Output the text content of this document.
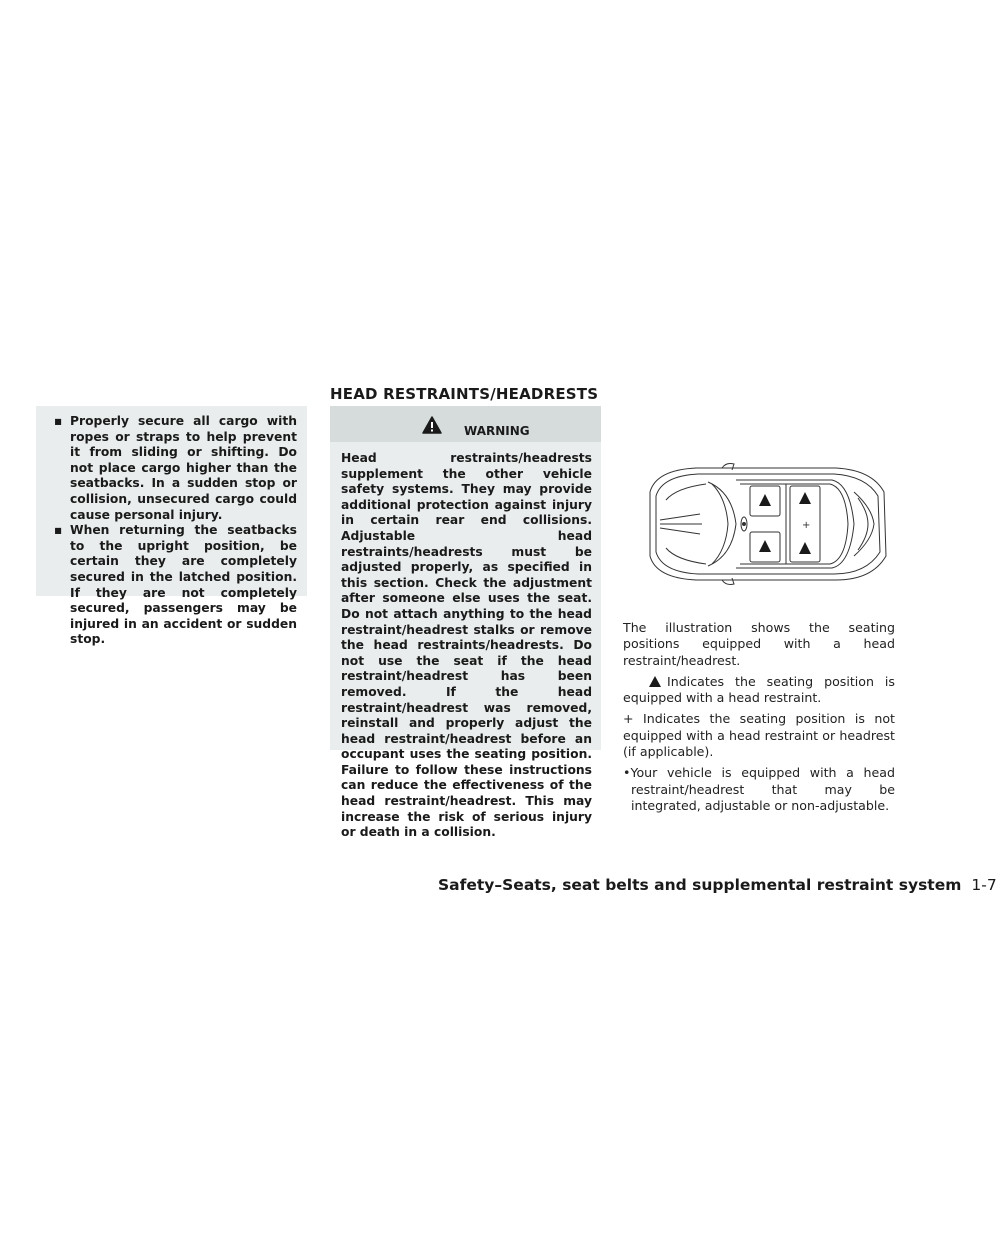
▪ Properly secure all cargo with ropes or straps to help prevent it from sliding or shifting. Do not place cargo higher than the seatbacks. In a sudden stop or collision, unsecured cargo could cause personal injury.
▪ When returning the seatbacks to the upright position, be certain they are completely secured in the latched position. If they are not completely secured, passengers may be injured in an accident or sudden stop.
HEAD RESTRAINTS/HEADRESTS
WARNING
Head restraints/headrests supplement the other vehicle safety systems. They may provide additional protection against injury in certain rear end collisions. Adjustable head restraints/headrests must be adjusted properly, as specified in this section. Check the adjustment after someone else uses the seat. Do not attach anything to the head restraint/headrest stalks or remove the head restraints/headrests. Do not use the seat if the head restraint/headrest has been removed. If the head restraint/headrest was removed, reinstall and properly adjust the head restraint/headrest before an occupant uses the seating position. Failure to follow these instructions can reduce the effectiveness of the head restraint/headrest. This may increase the risk of serious injury or death in a collision.
+

The illustration shows the seating positions equipped with a head restraint/headrest.

Indicates the seating position is equipped with a head restraint.

+ Indicates the seating position is not equipped with a head restraint or headrest (if applicable).

•Your vehicle is equipped with a head restraint/headrest that may be integrated, adjustable or non-adjustable.

Safety–Seats, seat belts and supplemental restraint system 1-7
